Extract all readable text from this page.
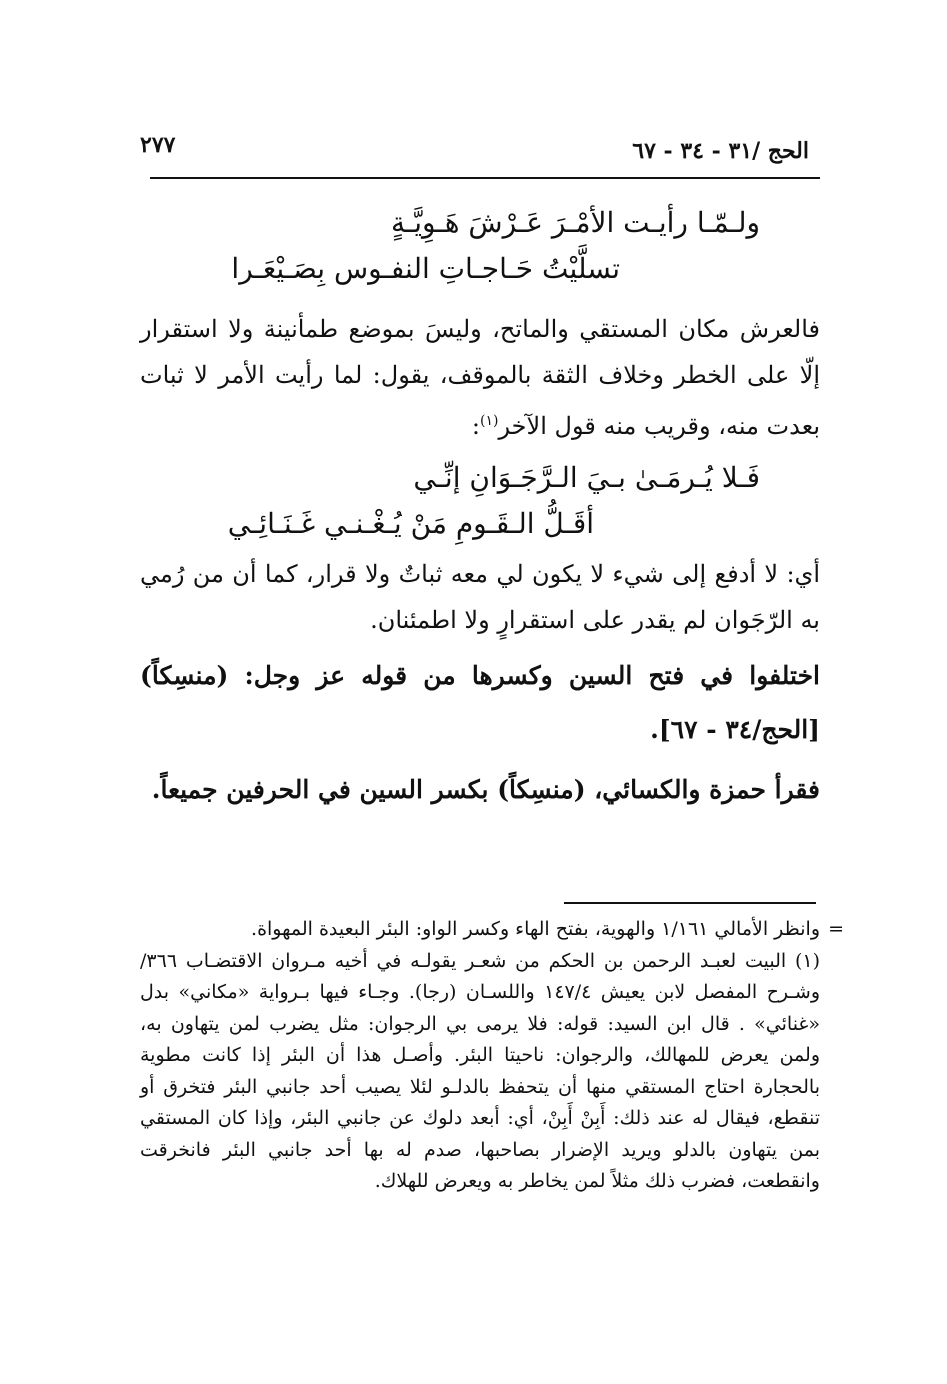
٢٧٧	الحج /٣١ - ٣٤ - ٦٧
ولـمّـا رأيـت الأمْـرَ عَـرْشَ هَـوِيَّـةٍ
تسلَّيْتُ حَـاجـاتِ النفـوس بِصَـيْعَـرا

فالعرش مكان المستقي والماتح، وليسَ بموضع طمأنينة ولا استقرار إلّا على الخطر وخلاف الثقة بالموقف، يقول: لما رأيت الأمر لا ثبات بعدت منه، وقريب منه قول الآخر$^{(١)}$:

فَـلا يُـرمَـىٰ بـيَ الـرَّجَـوَانِ إنِّـي
أقَـلُّ الـقَـومِ مَنْ يُـغْـنـي غَـنَـائِـي

أي: لا أدفع إلى شيء لا يكون لي معه ثباتٌ ولا قرار، كما أن من رُمي به الرّجَوان لم يقدر على استقرارٍ ولا اطمئنان.

اختلفوا في فتح السين وكسرها من قوله عز وجل: (منسِكاً) [الحج/٣٤ - ٦٧].

فقرأ حمزة والكسائي، (منسِكاً) بكسر السين في الحرفين جميعاً.

=
وانظر الأمالي ١/١٦١ والهوية، بفتح الهاء وكسر الواو: البئر البعيدة المهواة.

(١) البيت لعبـد الرحمن بن الحكم من شعـر يقولـه في أخيه مـروان الاقتضـاب ٣٦٦/ وشـرح المفصل لابن يعيش ١٤٧/٤ واللسـان (رجا). وجـاء فيها بـرواية «مكاني» بدل «غنائي» . قال ابن السيد: قوله: فلا يرمى بي الرجوان: مثل يضرب لمن يتهاون به، ولمن يعرض للمهالك، والرجوان: ناحيتا البئر. وأصـل هذا أن البئر إذا كانت مطوية بالحجارة احتاج المستقي منها أن يتحفظ بالدلـو لئلا يصيب أحد جانبي البئر فتخرق أو تنقطع، فيقال له عند ذلك: أَبِنْ أَبِنْ، أي: أبعد دلوك عن جانبي البئر، وإذا كان المستقي بمن يتهاون بالدلو ويريد الإضرار بصاحبها، صدم له بها أحد جانبي البئر فانخرقت وانقطعت، فضرب ذلك مثلاً لمن يخاطر به ويعرض للهلاك.
